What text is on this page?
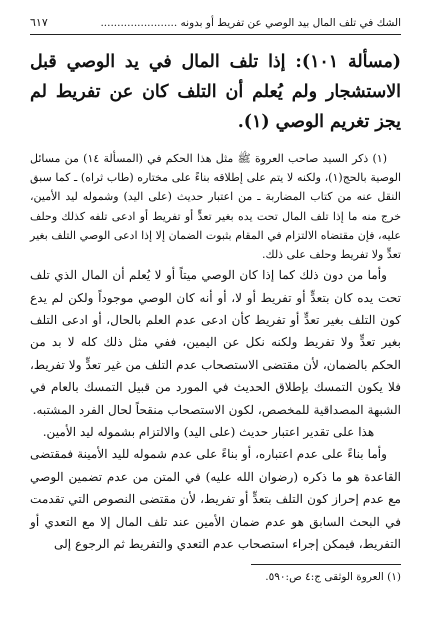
الشك في تلف المال بيد الوصي عن تفريط أو بدونه .......................
٦١٧
(مسألة ١٠١): إذا تلف المال في يد الوصي قبل الاستشجار ولم يُعلم أن التلف كان عن تفريط لم يجز تغريم الوصي (١).

(١) ذكر السيد صاحب العروة ﷺ مثل هذا الحكم في (المسألة ١٤) من مسائل الوصية بالحج(١)، ولكنه لا يتم على إطلاقه بناءً على مختاره (طاب ثراه) ـ كما سبق النقل عنه من كتاب المضاربة ـ من اعتبار حديث (على اليد) وشموله ليد الأمين، خرج منه ما إذا تلف المال تحت يده بغير تعدٍّ أو تفريط أو ادعى تلفه كذلك وحلف عليه، فإن مقتضاه الالتزام في المقام بثبوت الضمان إلا إذا ادعى الوصي التلف بغير تعدٍّ ولا تفريط وحلف على ذلك.

وأما من دون ذلك كما إذا كان الوصي ميتاً أو لا يُعلم أن المال الذي تلف تحت يده كان بتعدٍّ أو تفريط أو لا، أو أنه كان الوصي موجوداً ولكن لم يدع كون التلف بغير تعدٍّ أو تفريط كأن ادعى عدم العلم بالحال، أو ادعى التلف بغير تعدٍّ ولا تفريط ولكنه نكل عن اليمين، ففي مثل ذلك كله لا بد من الحكم بالضمان، لأن مقتضى الاستصحاب عدم التلف من غير تعدٍّ ولا تفريط، فلا يكون التمسك بإطلاق الحديث في المورد من قبيل التمسك بالعام في الشبهة المصداقية للمخصص، لكون الاستصحاب منقحاً لحال الفرد المشتبه.

هذا على تقدير اعتبار حديث (على اليد) والالتزام بشموله ليد الأمين.

وأما بناءً على عدم اعتباره، أو بناءً على عدم شموله لليد الأمينة فمقتضى القاعدة هو ما ذكره (رضوان الله عليه) في المتن من عدم تضمين الوصي مع عدم إحراز كون التلف بتعدٍّ أو تفريط، لأن مقتضى النصوص التي تقدمت في البحث السابق هو عدم ضمان الأمين عند تلف المال إلا مع التعدي أو التفريط، فيمكن إجراء استصحاب عدم التعدي والتفريط ثم الرجوع إلى

(١) العروة الوثقى ج:٤ ص:٥٩٠.
